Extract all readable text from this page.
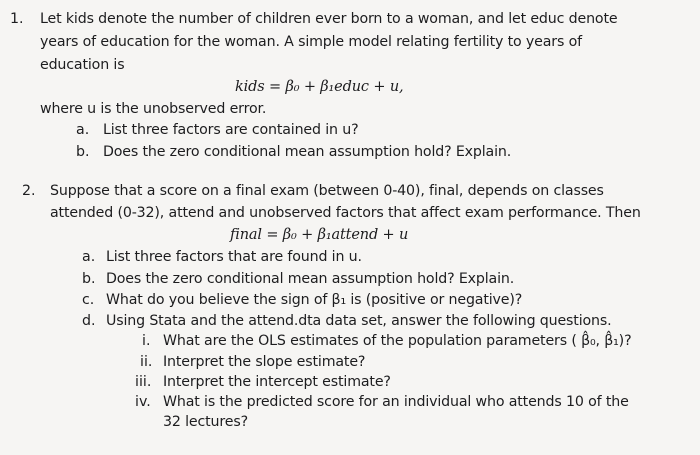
1. Let kids denote the number of children ever born to a woman, and let educ denote
years of education for the woman. A simple model relating fertility to years of
education is
kids = β₀ + β₁educ + u,
where u is the unobserved error.
a. List three factors are contained in u?
b. Does the zero conditional mean assumption hold? Explain.
2. Suppose that a score on a final exam (between 0-40), final, depends on classes
attended (0-32), attend and unobserved factors that affect exam performance. Then
final = β₀ + β₁attend + u
a. List three factors that are found in u.
b. Does the zero conditional mean assumption hold? Explain.
c. What do you believe the sign of β₁ is (positive or negative)?
d. Using Stata and the attend.dta data set, answer the following questions.
i. What are the OLS estimates of the population parameters ( β̂₀, β̂₁)?
ii. Interpret the slope estimate?
iii. Interpret the intercept estimate?
iv. What is the predicted score for an individual who attends 10 of the
32 lectures?
